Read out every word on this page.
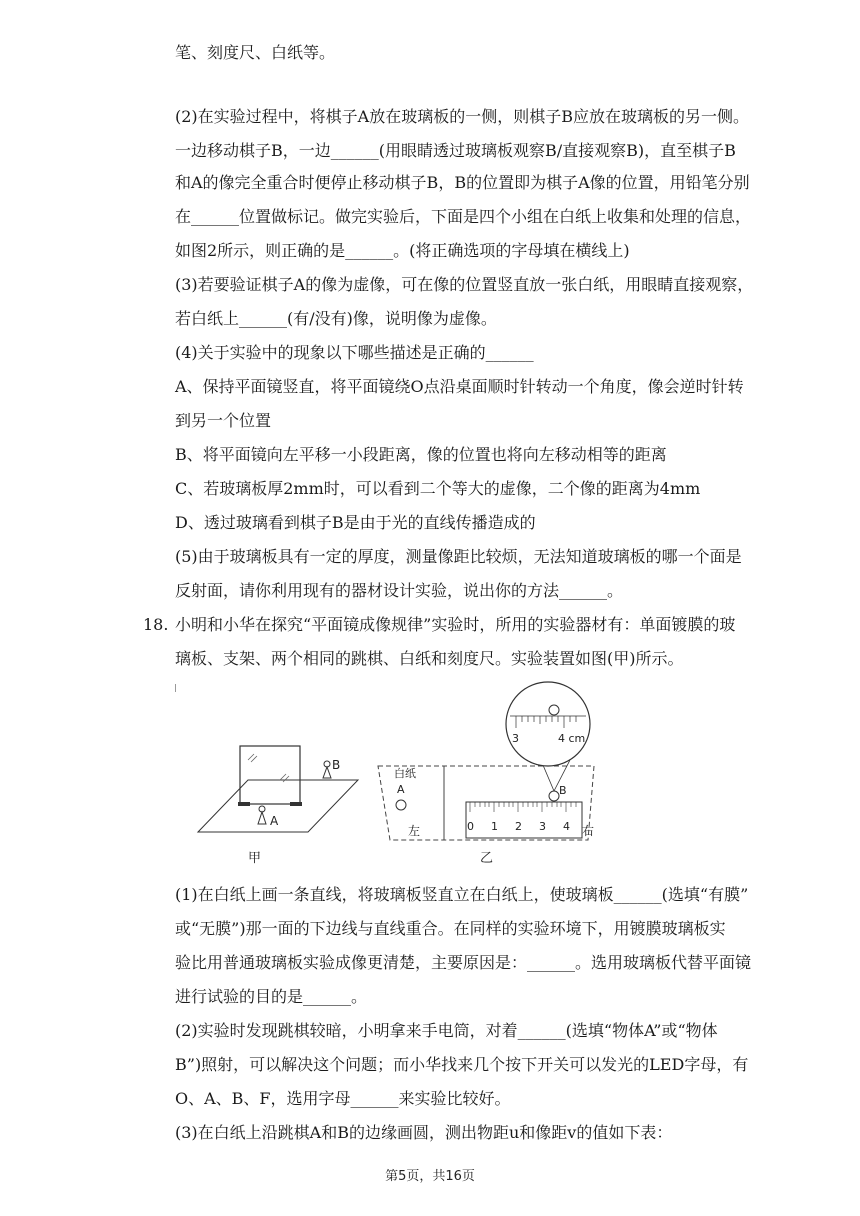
笔、刻度尺、白纸等。
(2)在实验过程中，将棋子A放在玻璃板的一侧，则棋子B应放在玻璃板的另一侧。
一边移动棋子B，一边______(用眼睛透过玻璃板观察B/直接观察B)，直至棋子B
和A的像完全重合时便停止移动棋子B，B的位置即为棋子A像的位置，用铅笔分别
在______位置做标记。做完实验后，下面是四个小组在白纸上收集和处理的信息，
如图2所示，则正确的是______。(将正确选项的字母填在横线上)
(3)若要验证棋子A的像为虚像，可在像的位置竖直放一张白纸，用眼睛直接观察，
若白纸上______(有/没有)像，说明像为虚像。
(4)关于实验中的现象以下哪些描述是正确的______
A、保持平面镜竖直，将平面镜绕O点沿桌面顺时针转动一个角度，像会逆时针转
到另一个位置
B、将平面镜向左平移一小段距离，像的位置也将向左移动相等的距离
C、若玻璃板厚2mm时，可以看到二个等大的虚像，二个像的距离为4mm
D、透过玻璃看到棋子B是由于光的直线传播造成的
(5)由于玻璃板具有一定的厚度，测量像距比较烦，无法知道玻璃板的哪一个面是
反射面，请你利用现有的器材设计实验，说出你的方法______。
18. 小明和小华在探究“平面镜成像规律”实验时，所用的实验器材有：单面镀膜的玻
璃板、支架、两个相同的跳棋、白纸和刻度尺。实验装置如图(甲)所示。
A
B
甲
白纸
A
左	右
0 1 2 3 4
B
3	4 cm
乙
(1)在白纸上画一条直线，将玻璃板竖直立在白纸上，使玻璃板______(选填“有膜”
或“无膜”)那一面的下边线与直线重合。在同样的实验环境下，用镀膜玻璃板实
验比用普通玻璃板实验成像更清楚，主要原因是：______。选用玻璃板代替平面镜
进行试验的目的是______。
(2)实验时发现跳棋较暗，小明拿来手电筒，对着______(选填“物体A”或“物体
B”)照射，可以解决这个问题；而小华找来几个按下开关可以发光的LED字母，有
O、A、B、F，选用字母______来实验比较好。
(3)在白纸上沿跳棋A和B的边缘画圆，测出物距u和像距v的值如下表：
第5页，共16页
